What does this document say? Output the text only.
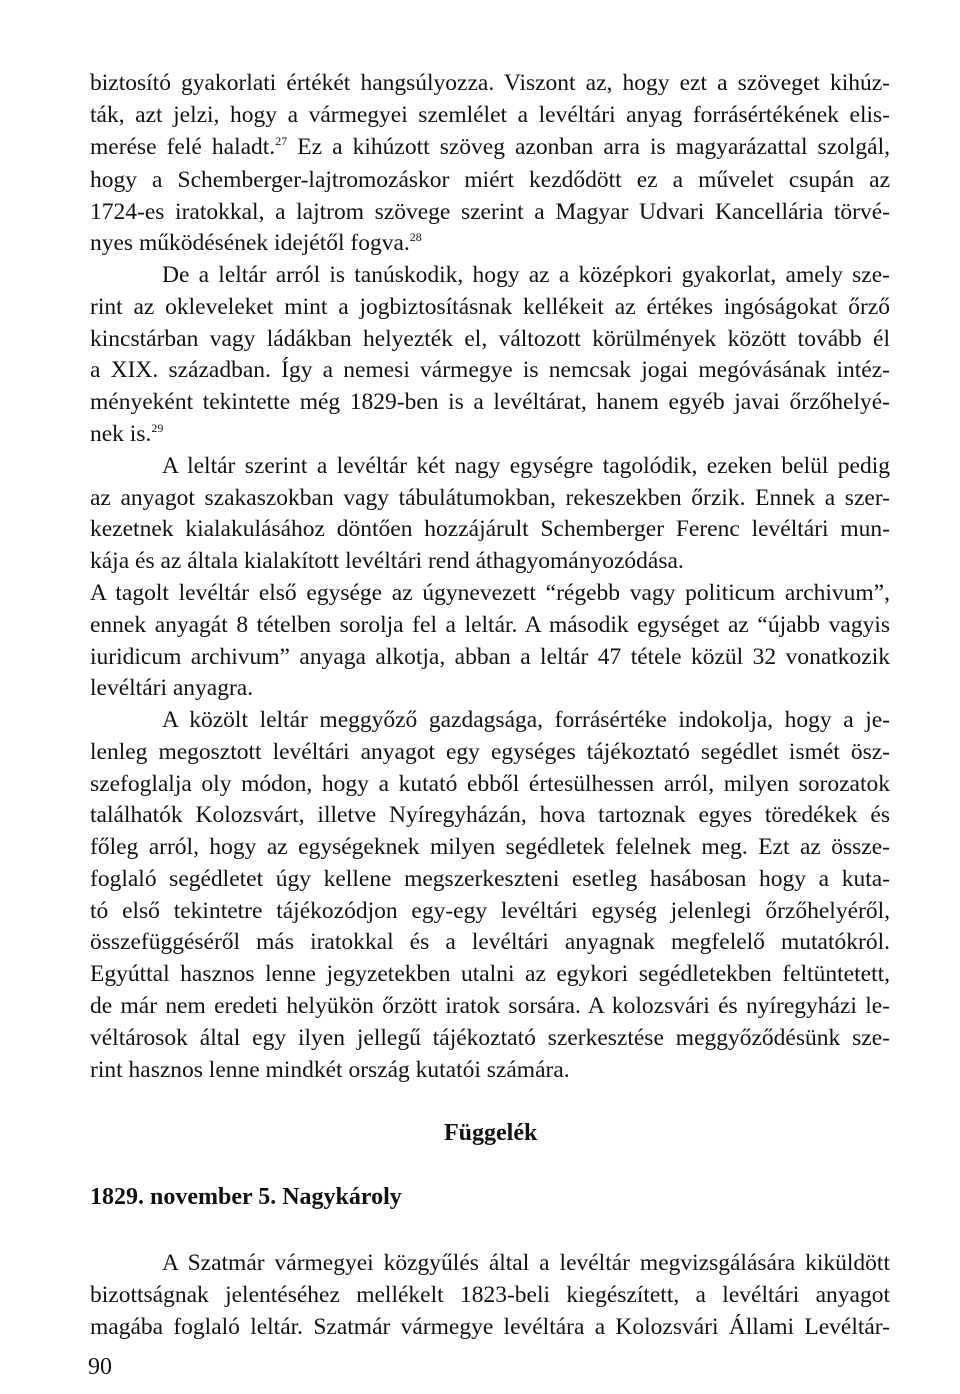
biztosító gyakorlati értékét hangsúlyozza. Viszont az, hogy ezt a szöveget kihúz-
ták, azt jelzi, hogy a vármegyei szemlélet a levéltári anyag forrásértékének elis-
merése felé haladt.$^{27}$ Ez a kihúzott szöveg azonban arra is magyarázattal szolgál,
hogy a Schemberger-lajtromozáskor miért kezdődött ez a művelet csupán az
1724-es iratokkal, a lajtrom szövege szerint a Magyar Udvari Kancellária törvé-
nyes működésének idejétől fogva.$^{28}$
De a leltár arról is tanúskodik, hogy az a középkori gyakorlat, amely sze-
rint az okleveleket mint a jogbiztosításnak kellékeit az értékes ingóságokat őrző
kincstárban vagy ládákban helyezték el, változott körülmények között tovább él
a XIX. században. Így a nemesi vármegye is nemcsak jogai megóvásának intéz-
ményeként tekintette még 1829-ben is a levéltárat, hanem egyéb javai őrzőhelyé-
nek is.$^{29}$
A leltár szerint a levéltár két nagy egységre tagolódik, ezeken belül pedig
az anyagot szakaszokban vagy tábulátumokban, rekeszekben őrzik. Ennek a szer-
kezetnek kialakulásához döntően hozzájárult Schemberger Ferenc levéltári mun-
kája és az általa kialakított levéltári rend áthagyományozódása.
A tagolt levéltár első egysége az úgynevezett “régebb vagy politicum archivum”,
ennek anyagát 8 tételben sorolja fel a leltár. A második egységet az “újabb vagyis
iuridicum archivum” anyaga alkotja, abban a leltár 47 tétele közül 32 vonatkozik
levéltári anyagra.
A közölt leltár meggyőző gazdagsága, forrásértéke indokolja, hogy a je-
lenleg megosztott levéltári anyagot egy egységes tájékoztató segédlet ismét ösz-
szefoglalja oly módon, hogy a kutató ebből értesülhessen arról, milyen sorozatok
találhatók Kolozsvárt, illetve Nyíregyházán, hova tartoznak egyes töredékek és
főleg arról, hogy az egységeknek milyen segédletek felelnek meg. Ezt az össze-
foglaló segédletet úgy kellene megszerkeszteni esetleg hasábosan hogy a kuta-
tó első tekintetre tájékozódjon egy-egy levéltári egység jelenlegi őrzőhelyéről,
összefüggéséről más iratokkal és a levéltári anyagnak megfelelő mutatókról.
Egyúttal hasznos lenne jegyzetekben utalni az egykori segédletekben feltüntetett,
de már nem eredeti helyükön őrzött iratok sorsára. A kolozsvári és nyíregyházi le-
véltárosok által egy ilyen jellegű tájékoztató szerkesztése meggyőződésünk sze-
rint hasznos lenne mindkét ország kutatói számára.
Függelék
1829. november 5. Nagykároly
A Szatmár vármegyei közgyűlés által a levéltár megvizsgálására kiküldött
bizottságnak jelentéséhez mellékelt 1823-beli kiegészített, a levéltári anyagot
magába foglaló leltár. Szatmár vármegye levéltára a Kolozsvári Állami Levéltár-
90
